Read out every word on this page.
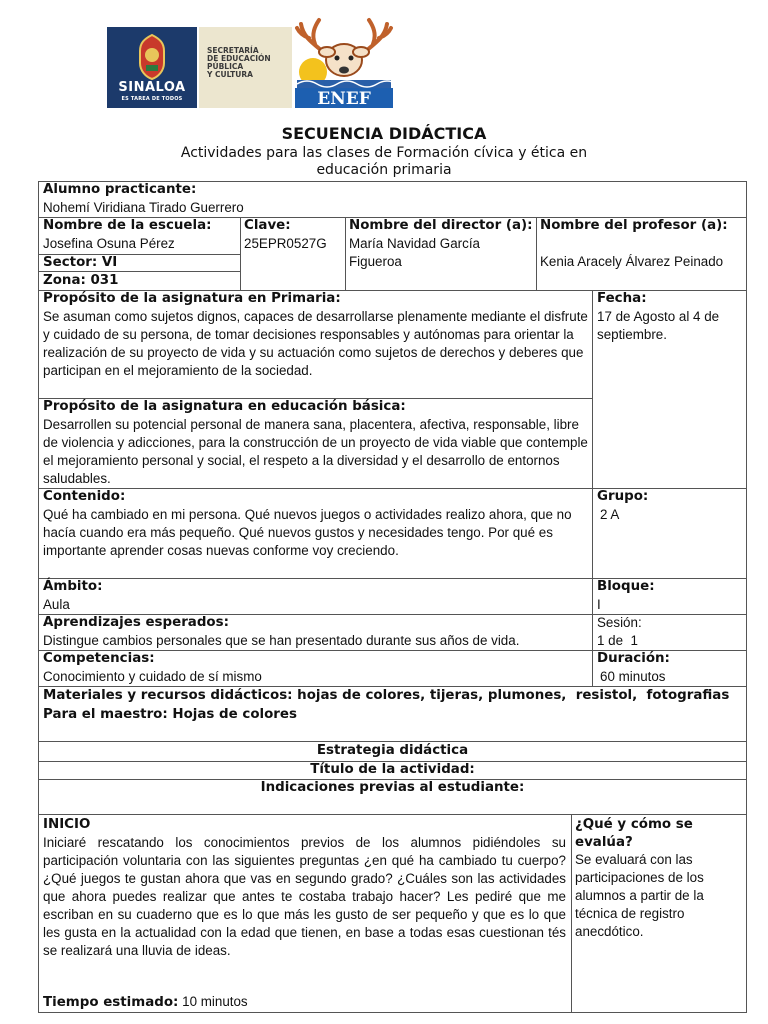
SINALOA
ES TAREA DE TODOS
SECRETARÍA
DE EDUCACIÓN
PÚBLICA
Y CULTURA
ENEF
SECUENCIA DIDÁCTICA
Actividades para las clases de Formación cívica y ética en
educación primaria
Alumno practicante:
Nohemí Viridiana Tirado Guerrero
Nombre de la escuela:
Josefina Osuna Pérez
Sector: VI
Zona: 031
Clave:
25EPR0527G
Nombre del director (a):
María Navidad García Figueroa
Nombre del profesor (a):
Kenia Aracely Álvarez Peinado
Propósito de la asignatura en Primaria:
Se asuman como sujetos dignos, capaces de desarrollarse plenamente mediante el disfrute y cuidado de su persona, de tomar decisiones responsables y autónomas para orientar la realización de su proyecto de vida y su actuación como sujetos de derechos y deberes que participan en el mejoramiento de la sociedad.
Fecha:
17 de Agosto al 4 de septiembre.
Propósito de la asignatura en educación básica:
Desarrollen su potencial personal de manera sana, placentera, afectiva, responsable, libre de violencia y adicciones, para la construcción de un proyecto de vida viable que contemple el mejoramiento personal y social, el respeto a la diversidad y el desarrollo de entornos saludables.
Contenido:
Qué ha cambiado en mi persona. Qué nuevos juegos o actividades realizo ahora, que no hacía cuando era más pequeño. Qué nuevos gustos y necesidades tengo. Por qué es importante aprender cosas nuevas conforme voy creciendo.
Grupo:
2 A
Ámbito:
Aula
Bloque:
I
Aprendizajes esperados:
Distingue cambios personales que se han presentado durante sus años de vida.
Sesión:
1 de  1
Competencias:
Conocimiento y cuidado de sí mismo
Duración:
60 minutos
Materiales y recursos didácticos: hojas de colores, tijeras, plumones,  resistol,  fotografias
Para el maestro: Hojas de colores
Estrategia didáctica
Título de la actividad:
Indicaciones previas al estudiante:
INICIO
Iniciaré rescatando los conocimientos previos de los alumnos pidiéndoles su participación voluntaria con las siguientes preguntas ¿en qué ha cambiado tu cuerpo? ¿Qué juegos te gustan ahora que vas en segundo grado? ¿Cuáles son las actividades que ahora puedes realizar que antes te costaba trabajo hacer? Les pediré que me escriban en su cuaderno que es lo que más les gusto de ser pequeño y que es lo que les gusta en la actualidad con la edad que tienen, en base a todas esas cuestionan tés se realizará una lluvia de ideas.
Tiempo estimado: 10 minutos
¿Qué y cómo se evalúa?
Se evaluará con las participaciones de los alumnos a partir de la técnica de registro anecdótico.
